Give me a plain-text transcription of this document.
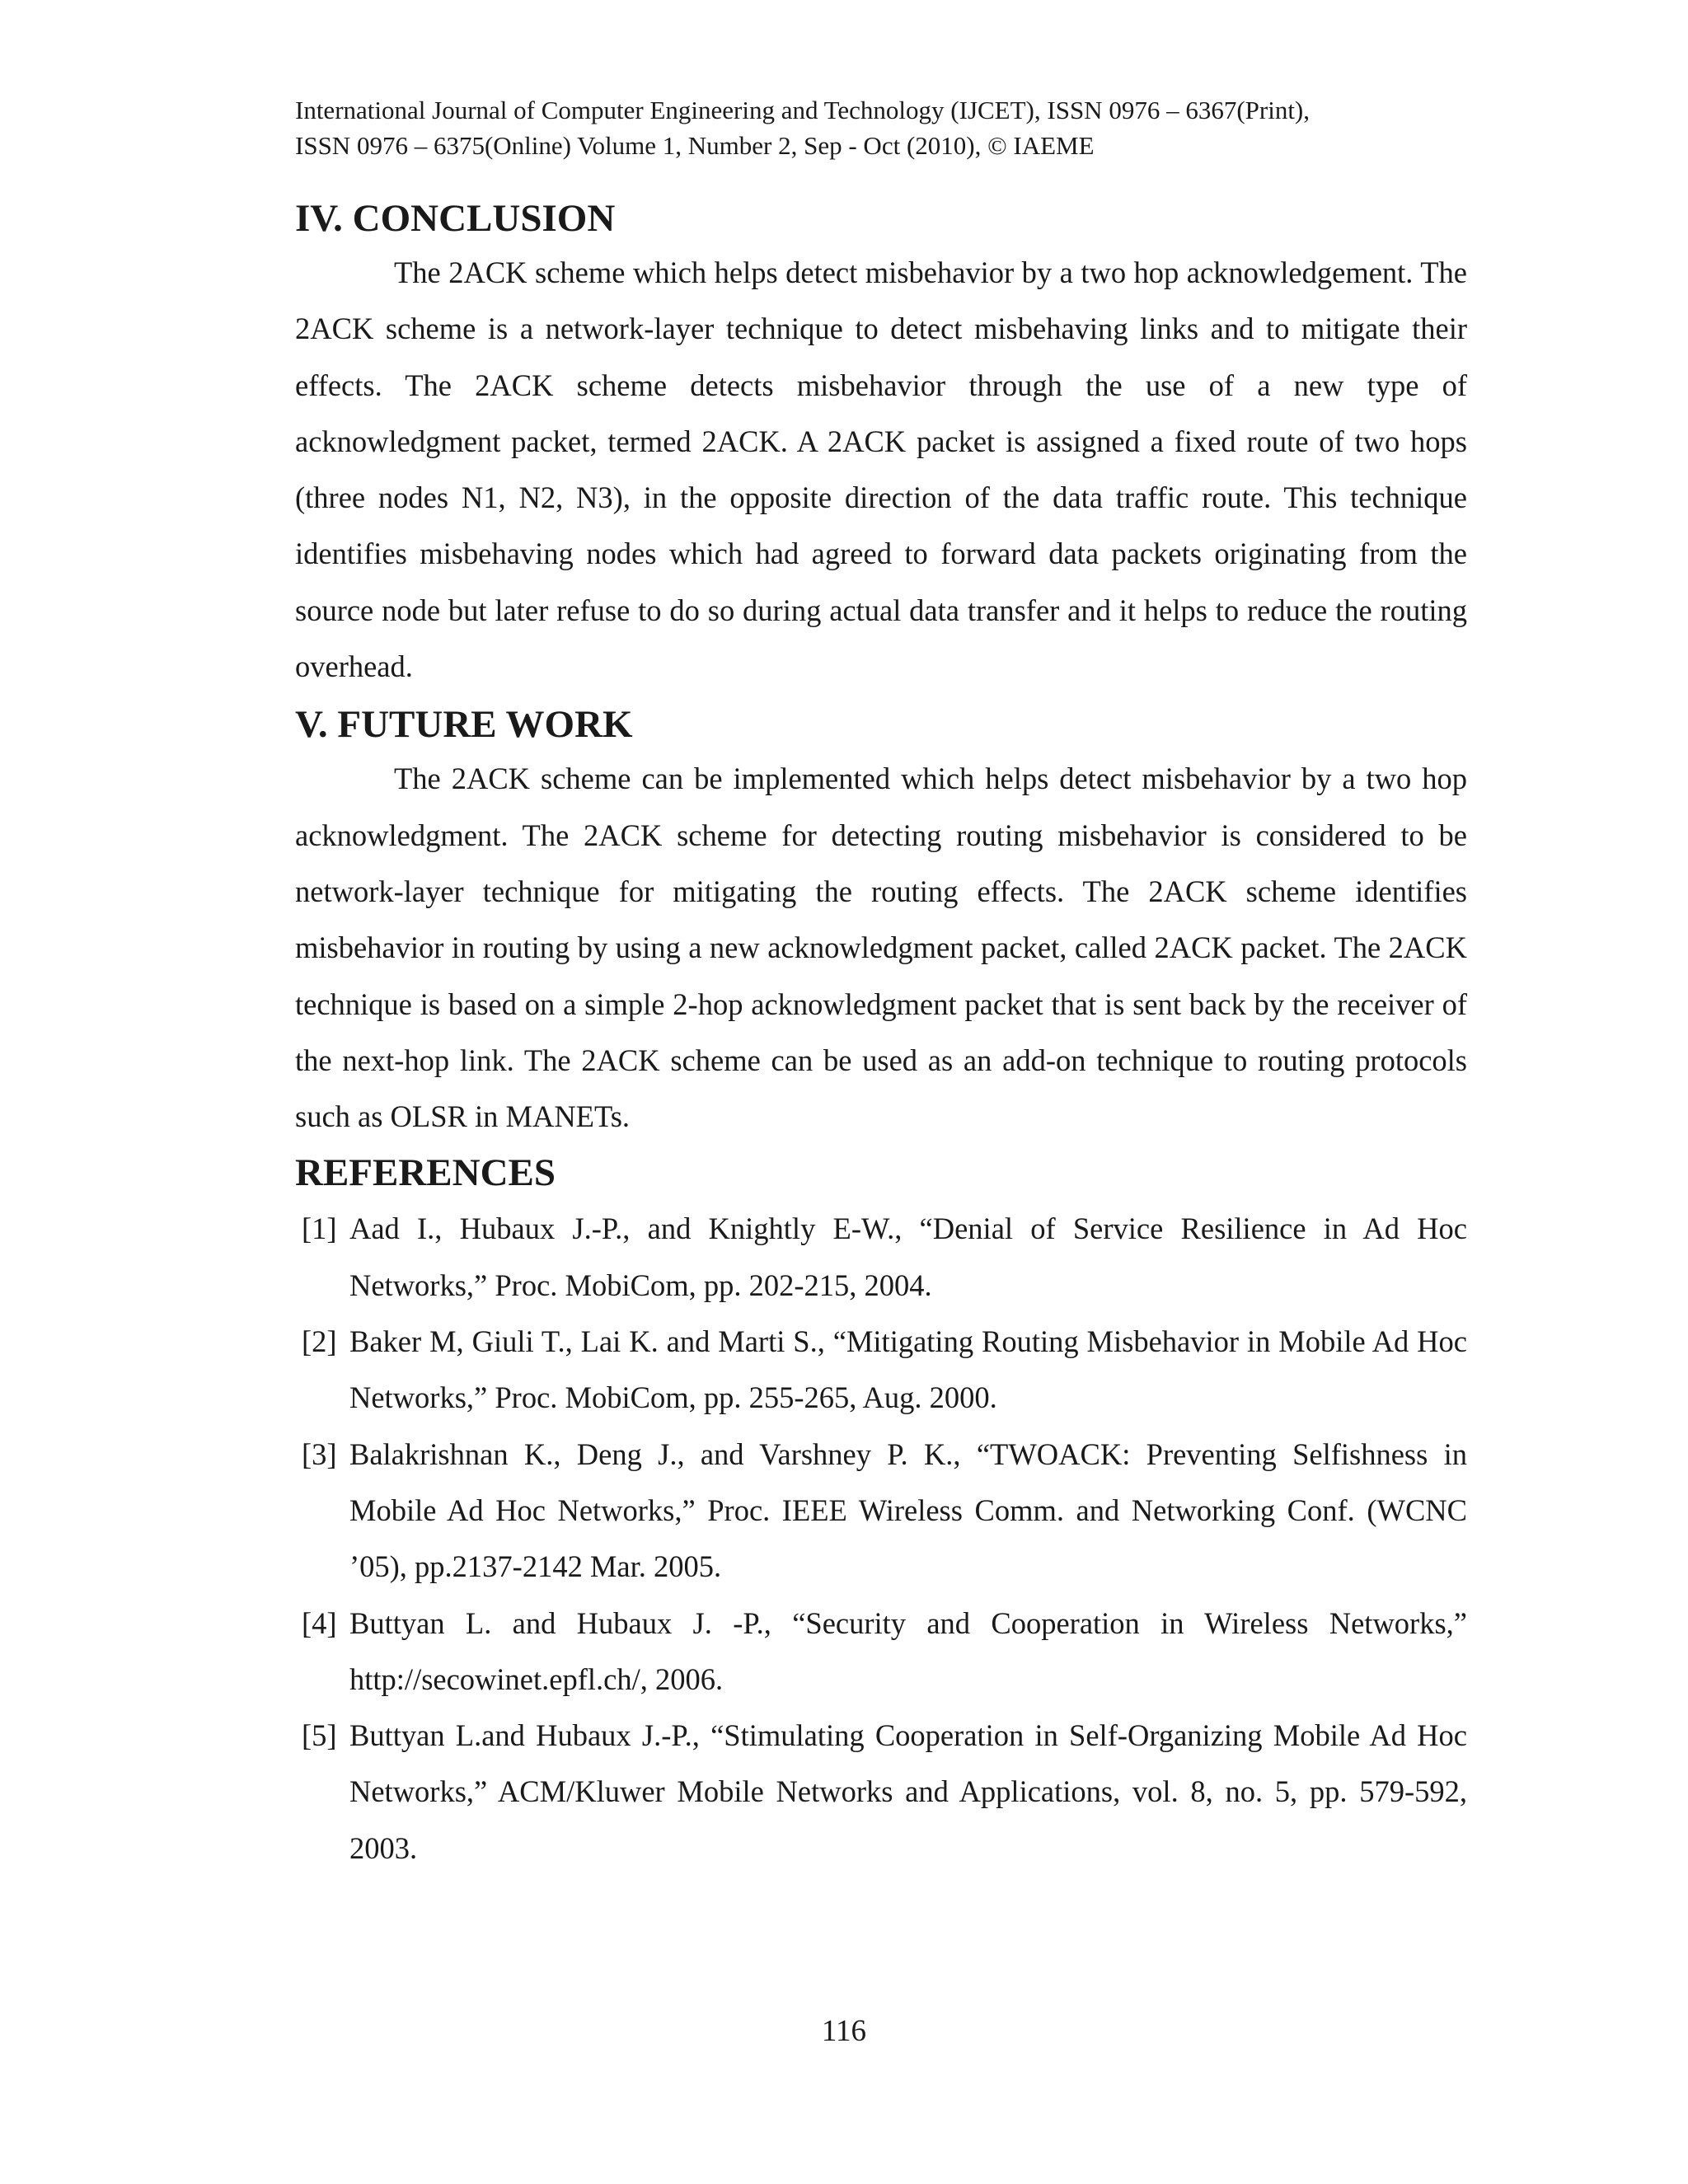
International Journal of Computer Engineering and Technology (IJCET), ISSN 0976 – 6367(Print),
ISSN 0976 – 6375(Online) Volume 1, Number 2, Sep - Oct (2010), © IAEME
IV. CONCLUSION

The 2ACK scheme which helps detect misbehavior by a two hop acknowledgement. The 2ACK scheme is a network-layer technique to detect misbehaving links and to mitigate their effects. The 2ACK scheme detects misbehavior through the use of a new type of acknowledgment packet, termed 2ACK. A 2ACK packet is assigned a fixed route of two hops (three nodes N1, N2, N3), in the opposite direction of the data traffic route. This technique identifies misbehaving nodes which had agreed to forward data packets originating from the source node but later refuse to do so during actual data transfer and it helps to reduce the routing overhead.

V. FUTURE WORK

The 2ACK scheme can be implemented which helps detect misbehavior by a two hop acknowledgment. The 2ACK scheme for detecting routing misbehavior is considered to be network-layer technique for mitigating the routing effects. The 2ACK scheme identifies misbehavior in routing by using a new acknowledgment packet, called 2ACK packet. The 2ACK technique is based on a simple 2-hop acknowledgment packet that is sent back by the receiver of the next-hop link. The 2ACK scheme can be used as an add-on technique to routing protocols such as OLSR in MANETs.

REFERENCES
[1] Aad I., Hubaux J.-P., and Knightly E-W., “Denial of Service Resilience in Ad Hoc Networks,” Proc. MobiCom, pp. 202-215, 2004.
[2] Baker M, Giuli T., Lai K. and Marti S., “Mitigating Routing Misbehavior in Mobile Ad Hoc Networks,” Proc. MobiCom, pp. 255-265, Aug. 2000.
[3] Balakrishnan K., Deng J., and Varshney P. K., “TWOACK: Preventing Selfishness in Mobile Ad Hoc Networks,” Proc. IEEE Wireless Comm. and Networking Conf. (WCNC ’05), pp.2137-2142 Mar. 2005.
[4] Buttyan L. and Hubaux J. -P., “Security and Cooperation in Wireless Networks,” http://secowinet.epfl.ch/, 2006.
[5] Buttyan L.and Hubaux J.-P., “Stimulating Cooperation in Self-Organizing Mobile Ad Hoc Networks,” ACM/Kluwer Mobile Networks and Applications, vol. 8, no. 5, pp. 579-592, 2003.
116
